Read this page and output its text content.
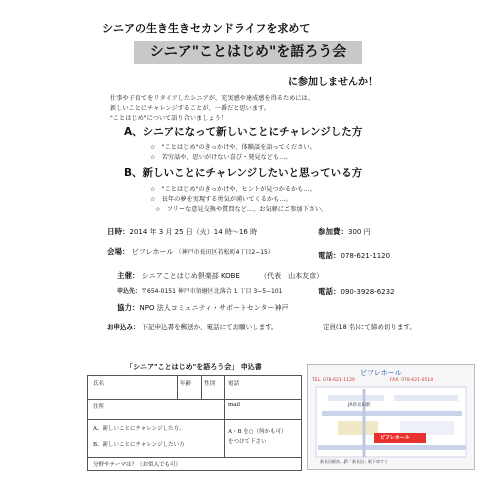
シニアの生き生きセカンドライフを求めて
シニア"ことはじめ"を語ろう会
に参加しませんか！
仕事や子育てをリタイアしたシニアが、充実感や達成感を得るためには、
新しいことにチャレンジすることが、一番だと思います。
"ことはじめ"について語り合いましょう！
A、シニアになって新しいことにチャレンジした方
☆　"ことはじめ"のきっかけや、体験談を語ってください。
☆　苦労話や、思いがけない喜び・発見なども…。
B、新しいことにチャレンジしたいと思っている方
☆　"ことはじめ"のきっかけや、ヒントが見つかるかも…。
☆　長年の夢を実現する勇気が湧いてくるかも…。
☆　フリーな意見交換や質問など…、お気軽にご参加下さい。
日時：2014 年 3 月 25 日（火）14 時〜16 時	参加費：300 円
会場： ピフレホール （神戸市長田区若松町4丁目2−15）	電話：078-621-1120
主催： シニアことはじめ倶楽部 KOBE	（代表　山本友彦）
申込先：〒654-0151 神戸市須磨区北落合 1 丁目 3−5−101	電話：090-3928-6232
協力：NPO 法人コミュニティ・サポートセンター神戸
お申込み： 下記申込書を郵送か、電話にてお願いします。	定員(18 名)にて締め切ります。
「シニア"ことはじめ"を語ろう会」 申込書
氏名	年齢 性別 電話
住所	mail
A、新しいことにチャレンジした方。
B、新しいことにチャレンジしたい方
A・B を○（何かも可）
をつけて下さい
分野やテーマは？（お似入でも可）
ピフレホール
TEL. 078-621-1120	FAX. 078-621-0514
JR新長田駅
ピフレホール
新長田駅南…JR「新長田」駅下車すぐ
